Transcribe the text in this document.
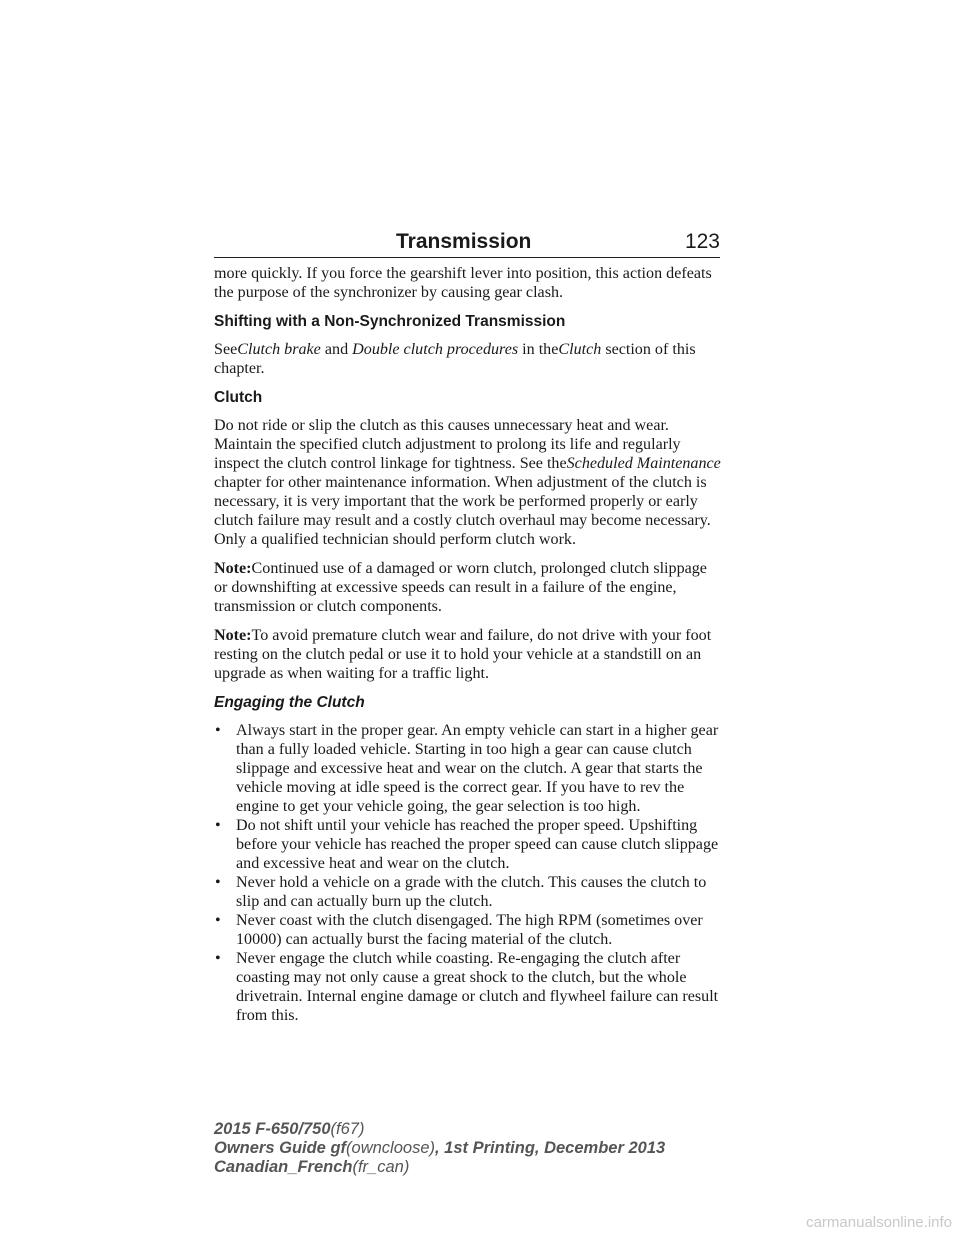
Transmission	123

more quickly. If you force the gearshift lever into position, this action defeats the purpose of the synchronizer by causing gear clash.

Shifting with a Non-Synchronized Transmission

SeeClutch brake and Double clutch procedures in theClutch section of this chapter.

Clutch

Do not ride or slip the clutch as this causes unnecessary heat and wear. Maintain the specified clutch adjustment to prolong its life and regularly inspect the clutch control linkage for tightness. See theScheduled Maintenance chapter for other maintenance information. When adjustment of the clutch is necessary, it is very important that the work be performed properly or early clutch failure may result and a costly clutch overhaul may become necessary. Only a qualified technician should perform clutch work.

Note:Continued use of a damaged or worn clutch, prolonged clutch slippage or downshifting at excessive speeds can result in a failure of the engine, transmission or clutch components.

Note:To avoid premature clutch wear and failure, do not drive with your foot resting on the clutch pedal or use it to hold your vehicle at a standstill on an upgrade as when waiting for a traffic light.

Engaging the Clutch
• Always start in the proper gear. An empty vehicle can start in a higher gear than a fully loaded vehicle. Starting in too high a gear can cause clutch slippage and excessive heat and wear on the clutch. A gear that starts the vehicle moving at idle speed is the correct gear. If you have to rev the engine to get your vehicle going, the gear selection is too high.
• Do not shift until your vehicle has reached the proper speed. Upshifting before your vehicle has reached the proper speed can cause clutch slippage and excessive heat and wear on the clutch.
• Never hold a vehicle on a grade with the clutch. This causes the clutch to slip and can actually burn up the clutch.
• Never coast with the clutch disengaged. The high RPM (sometimes over 10000) can actually burst the facing material of the clutch.
• Never engage the clutch while coasting. Re-engaging the clutch after coasting may not only cause a great shock to the clutch, but the whole drivetrain. Internal engine damage or clutch and flywheel failure can result from this.
2015 F-650/750(f67)
Owners Guide gf(owncloose), 1st Printing, December 2013
Canadian_French(fr_can)
carmanualsonline.info
